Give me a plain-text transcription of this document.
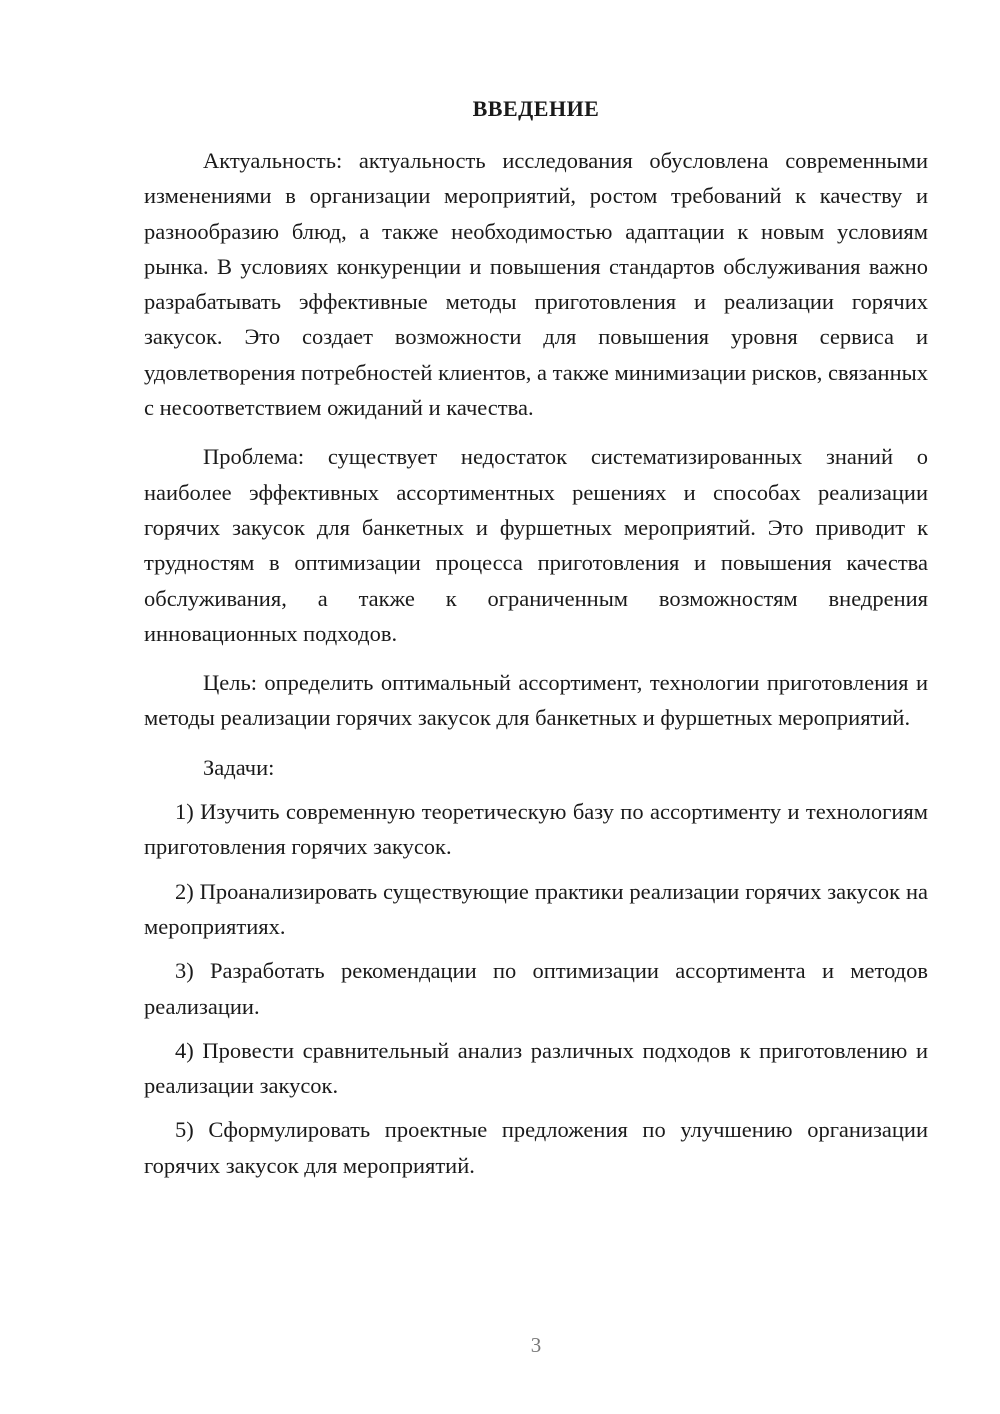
ВВЕДЕНИЕ

Актуальность: актуальность исследования обусловлена современными изменениями в организации мероприятий, ростом требований к качеству и разнообразию блюд, а также необходимостью адаптации к новым условиям рынка. В условиях конкуренции и повышения стандартов обслуживания важно разрабатывать эффективные методы приготовления и реализации горячих закусок. Это создает возможности для повышения уровня сервиса и удовлетворения потребностей клиентов, а также минимизации рисков, связанных с несоответствием ожиданий и качества.

Проблема: существует недостаток систематизированных знаний о наиболее эффективных ассортиментных решениях и способах реализации горячих закусок для банкетных и фуршетных мероприятий. Это приводит к трудностям в оптимизации процесса приготовления и повышения качества обслуживания, а также к ограниченным возможностям внедрения инновационных подходов.

Цель: определить оптимальный ассортимент, технологии приготовления и методы реализации горячих закусок для банкетных и фуршетных мероприятий.

Задачи:

1) Изучить современную теоретическую базу по ассортименту и технологиям приготовления горячих закусок.

2) Проанализировать существующие практики реализации горячих закусок на мероприятиях.

3) Разработать рекомендации по оптимизации ассортимента и методов реализации.

4) Провести сравнительный анализ различных подходов к приготовлению и реализации закусок.

5) Сформулировать проектные предложения по улучшению организации горячих закусок для мероприятий.

3
